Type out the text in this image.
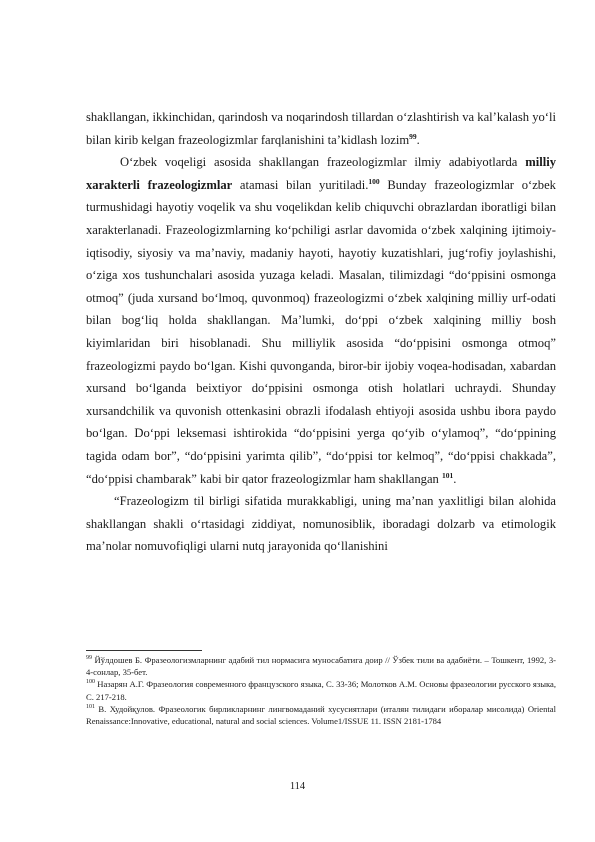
shakllangan, ikkinchidan, qarindosh va noqarindosh tillardan o‘zlashtirish va kal’kalash yo‘li bilan kirib kelgan frazeologizmlar farqlanishini ta’kidlash lozim$^{99}$.

O‘zbek voqeligi asosida shakllangan frazeologizmlar ilmiy adabiyotlarda milliy xarakterli frazeologizmlar atamasi bilan yuritiladi.$^{100}$ Bunday frazeologizmlar o‘zbek turmushidagi hayotiy voqelik va shu voqelikdan kelib chiquvchi obrazlardan iboratligi bilan xarakterlanadi. Frazeologizmlarning ko‘pchiligi asrlar davomida o‘zbek xalqining ijtimoiy-iqtisodiy, siyosiy va ma’naviy, madaniy hayoti, hayotiy kuzatishlari, jug‘rofiy joylashishi, o‘ziga xos tushunchalari asosida yuzaga keladi. Masalan, tilimizdagi “do‘ppisini osmonga otmoq” (juda xursand bo‘lmoq, quvonmoq) frazeologizmi o‘zbek xalqining milliy urf-odati bilan bog‘liq holda shakllangan. Ma’lumki, do‘ppi o‘zbek xalqining milliy bosh kiyimlaridan biri hisoblanadi. Shu milliylik asosida “do‘ppisini osmonga otmoq” frazeologizmi paydo bo‘lgan. Kishi quvonganda, biror-bir ijobiy voqea-hodisadan, xabardan xursand bo‘lganda beixtiyor do‘ppisini osmonga otish holatlari uchraydi. Shunday xursandchilik va quvonish ottenkasini obrazli ifodalash ehtiyoji asosida ushbu ibora paydo bo‘lgan. Do‘ppi leksemasi ishtirokida “do‘ppisini yerga qo‘yib o‘ylamoq”, “do‘ppining tagida odam bor”, “do‘ppisini yarimta qilib”, “do‘ppisi tor kelmoq”, “do‘ppisi chakkada”, “do‘ppisi chambarak” kabi bir qator frazeologizmlar ham shakllangan $^{101}$.

“Frazeologizm til birligi sifatida murakkabligi, uning ma’nan yaxlitligi bilan alohida shakllangan shakli o‘rtasidagi ziddiyat, nomunosiblik, iboradagi dolzarb va etimologik ma’nolar nomuvofiqligi ularni nutq jarayonida qo‘llanishini

$^{99}$ Йўлдошев Б. Фразеологизмларнинг адабий тил нормасига муносабатига доир // Ўзбек тили ва адабиёти. – Тошкент, 1992, 3-4-сонлар, 35-бет.

$^{100}$ Назарян А.Г. Фразеология современного французского языка, С. 33-36; Молотков А.М. Основы фразеологии русского языка, С. 217-218.

$^{101}$ В. Худойқулов. Фразеологик бирликларнинг лингвомаданий хусусиятлари (италян тилидаги иборалар мисолида) Oriental Renaissance:Innovative, educational, natural and social sciences. Volume1/ISSUE 11. ISSN 2181-1784

114
